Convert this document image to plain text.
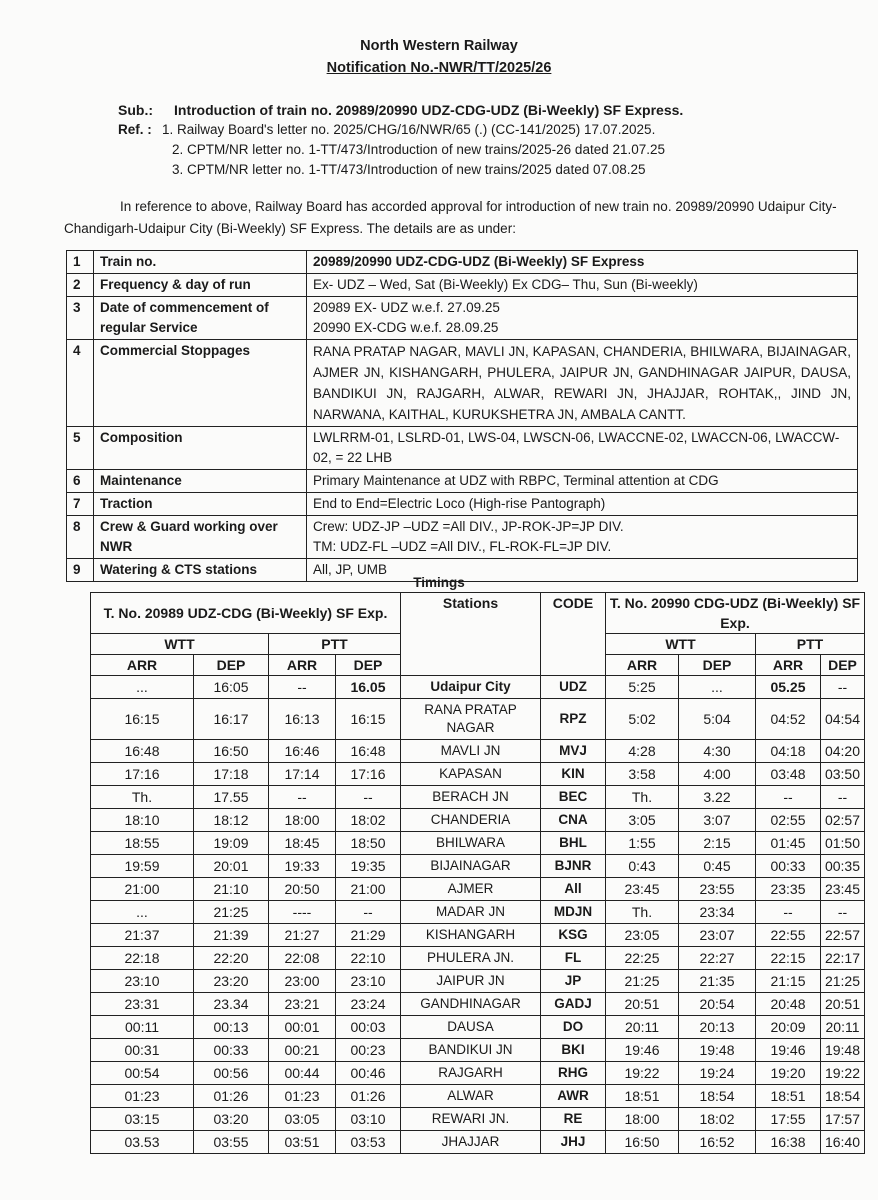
North Western Railway
Notification No.-NWR/TT/2025/26
Sub.: Introduction of train no. 20989/20990 UDZ-CDG-UDZ (Bi-Weekly) SF Express.
Ref. : 1. Railway Board's letter no. 2025/CHG/16/NWR/65 (.) (CC-141/2025) 17.07.2025.
2. CPTM/NR letter no. 1-TT/473/Introduction of new trains/2025-26 dated 21.07.25
3. CPTM/NR letter no. 1-TT/473/Introduction of new trains/2025 dated 07.08.25
In reference to above, Railway Board has accorded approval for introduction of new train no. 20989/20990 Udaipur City-Chandigarh-Udaipur City (Bi-Weekly) SF Express. The details are as under:
1	Train no.	20989/20990 UDZ-CDG-UDZ (Bi-Weekly) SF Express
2	Frequency & day of run	Ex- UDZ – Wed, Sat (Bi-Weekly) Ex CDG– Thu, Sun (Bi-weekly)
3	Date of commencement of regular Service	20989 EX- UDZ w.e.f. 27.09.25
20990 EX-CDG w.e.f. 28.09.25

4	Commercial Stoppages	RANA PRATAP NAGAR, MAVLI JN, KAPASAN, CHANDERIA, BHILWARA, BIJAINAGAR, AJMER JN, KISHANGARH, PHULERA, JAIPUR JN, GANDHINAGAR JAIPUR, DAUSA, BANDIKUI JN, RAJGARH, ALWAR, REWARI JN, JHAJJAR, ROHTAK,, JIND JN, NARWANA, KAITHAL, KURUKSHETRA JN, AMBALA CANTT.
5	Composition	LWLRRM-01, LSLRD-01, LWS-04, LWSCN-06, LWACCNE-02, LWACCN-06, LWACCW-02, = 22 LHB
6	Maintenance	Primary Maintenance at UDZ with RBPC, Terminal attention at CDG
7	Traction	End to End=Electric Loco (High-rise Pantograph)
8	Crew & Guard working over NWR	Crew: UDZ-JP –UDZ =All DIV., JP-ROK-JP=JP DIV.
TM: UDZ-FL –UDZ =All DIV., FL-ROK-FL=JP DIV.

9	Watering & CTS stations	All, JP, UMB
Timings
T. No. 20989 UDZ-CDG (Bi-Weekly) SF Exp.				Stations	CODE	T. No. 20990 CDG-UDZ (Bi-Weekly) SF Exp.			
WTT		PTT				WTT		PTT	
ARR	DEP	ARR	DEP			ARR	DEP	ARR	DEP
...	16:05	--	16.05	Udaipur City	UDZ	5:25	...	05.25	--
16:15	16:17	16:13	16:15	RANA PRATAP NAGAR	RPZ	5:02	5:04	04:52	04:54
16:48	16:50	16:46	16:48	MAVLI JN	MVJ	4:28	4:30	04:18	04:20
17:16	17:18	17:14	17:16	KAPASAN	KIN	3:58	4:00	03:48	03:50
Th.	17.55	--	--	BERACH JN	BEC	Th.	3.22	--	--
18:10	18:12	18:00	18:02	CHANDERIA	CNA	3:05	3:07	02:55	02:57
18:55	19:09	18:45	18:50	BHILWARA	BHL	1:55	2:15	01:45	01:50
19:59	20:01	19:33	19:35	BIJAINAGAR	BJNR	0:43	0:45	00:33	00:35
21:00	21:10	20:50	21:00	AJMER	All	23:45	23:55	23:35	23:45
...	21:25	----	--	MADAR JN	MDJN	Th.	23:34	--	--
21:37	21:39	21:27	21:29	KISHANGARH	KSG	23:05	23:07	22:55	22:57
22:18	22:20	22:08	22:10	PHULERA JN.	FL	22:25	22:27	22:15	22:17
23:10	23:20	23:00	23:10	JAIPUR JN	JP	21:25	21:35	21:15	21:25
23:31	23.34	23:21	23:24	GANDHINAGAR	GADJ	20:51	20:54	20:48	20:51
00:11	00:13	00:01	00:03	DAUSA	DO	20:11	20:13	20:09	20:11
00:31	00:33	00:21	00:23	BANDIKUI JN	BKI	19:46	19:48	19:46	19:48
00:54	00:56	00:44	00:46	RAJGARH	RHG	19:22	19:24	19:20	19:22
01:23	01:26	01:23	01:26	ALWAR	AWR	18:51	18:54	18:51	18:54
03:15	03:20	03:05	03:10	REWARI JN.	RE	18:00	18:02	17:55	17:57
03.53	03:55	03:51	03:53	JHAJJAR	JHJ	16:50	16:52	16:38	16:40
